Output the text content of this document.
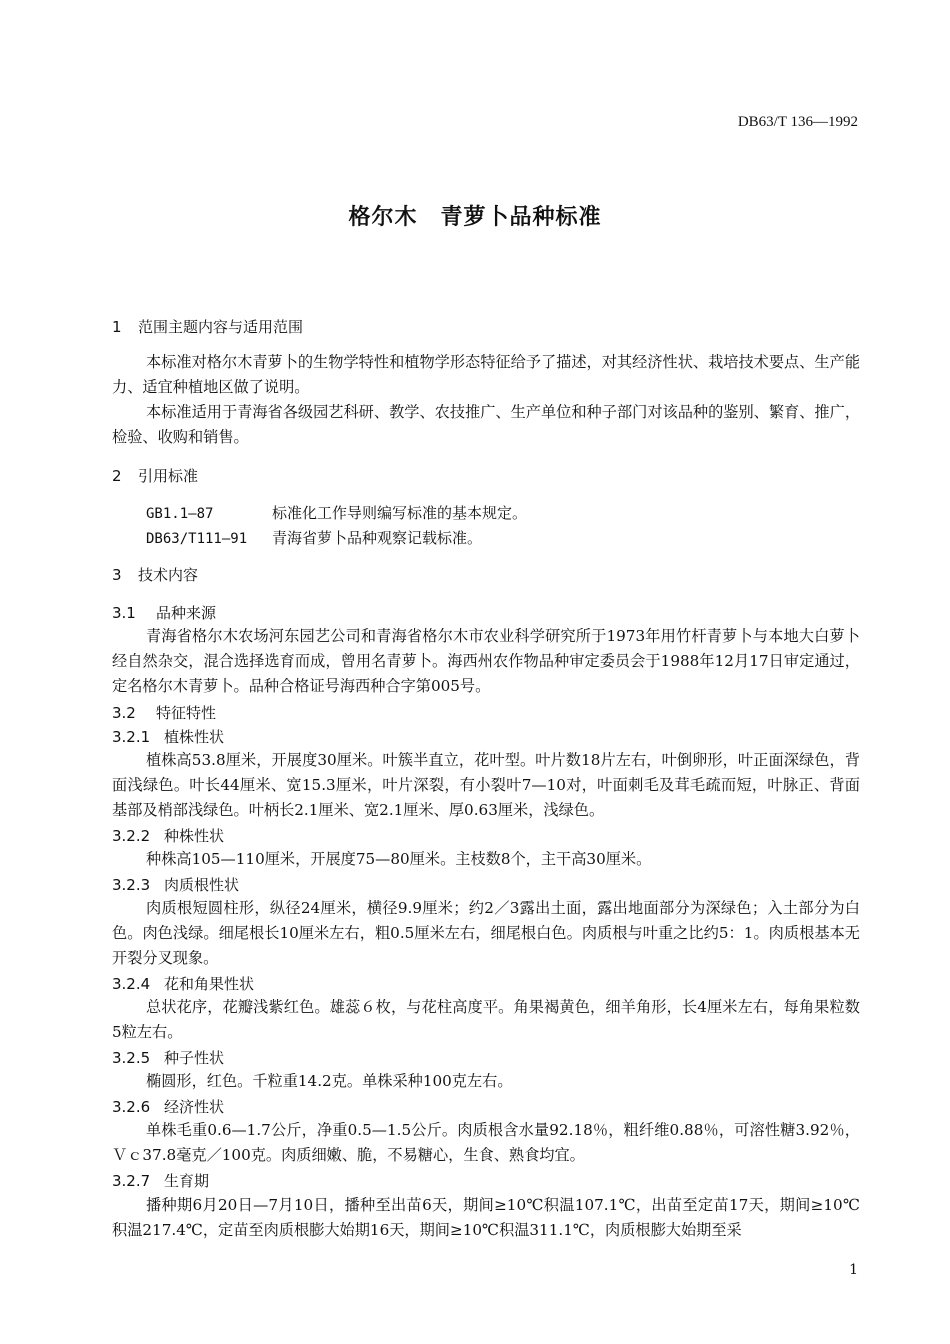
DB63/T 136—1992
格尔木　青萝卜品种标准
1 范围主题内容与适用范围
本标准对格尔木青萝卜的生物学特性和植物学形态特征给予了描述，对其经济性状、栽培技术要点、生产能力、适宜种植地区做了说明。
本标准适用于青海省各级园艺科研、教学、农技推广、生产单位和种子部门对该品种的鉴别、繁育、推广，检验、收购和销售。
2 引用标准
GB1.1—87	标准化工作导则编写标准的基本规定。
DB63/T111—91 青海省萝卜品种观察记载标准。
3 技术内容
3.1 品种来源
青海省格尔木农场河东园艺公司和青海省格尔木市农业科学研究所于1973年用竹杆青萝卜与本地大白萝卜经自然杂交，混合选择选育而成，曾用名青萝卜。海西州农作物品种审定委员会于1988年12月17日审定通过，定名格尔木青萝卜。品种合格证号海西种合字第005号。
3.2 特征特性
3.2.1 植株性状
植株高53.8厘米，开展度30厘米。叶簇半直立，花叶型。叶片数18片左右，叶倒卵形，叶正面深绿色，背面浅绿色。叶长44厘米、宽15.3厘米，叶片深裂，有小裂叶7—10对，叶面刺毛及茸毛疏而短，叶脉正、背面基部及梢部浅绿色。叶柄长2.1厘米、宽2.1厘米、厚0.63厘米，浅绿色。
3.2.2 种株性状
种株高105—110厘米，开展度75—80厘米。主枝数8个，主干高30厘米。
3.2.3 肉质根性状
肉质根短圆柱形，纵径24厘米，横径9.9厘米；约2／3露出土面，露出地面部分为深绿色；入土部分为白色。肉色浅绿。细尾根长10厘米左右，粗0.5厘米左右，细尾根白色。肉质根与叶重之比约5：1。肉质根基本无开裂分叉现象。
3.2.4 花和角果性状
总状花序，花瓣浅紫红色。雄蕊６枚，与花柱高度平。角果褐黄色，细羊角形，长4厘米左右，每角果粒数5粒左右。
3.2.5 种子性状
椭圆形，红色。千粒重14.2克。单株采种100克左右。
3.2.6 经济性状
单株毛重0.6—1.7公斤，净重0.5—1.5公斤。肉质根含水量92.18％，粗纤维0.88％，可溶性糖3.92％，Ｖｃ37.8毫克／100克。肉质细嫩、脆，不易糖心，生食、熟食均宜。
3.2.7 生育期
播种期6月20日—7月10日，播种至出苗6天，期间≥10℃积温107.1℃，出苗至定苗17天，期间≥10℃积温217.4℃，定苗至肉质根膨大始期16天，期间≥10℃积温311.1℃，肉质根膨大始期至采
1
